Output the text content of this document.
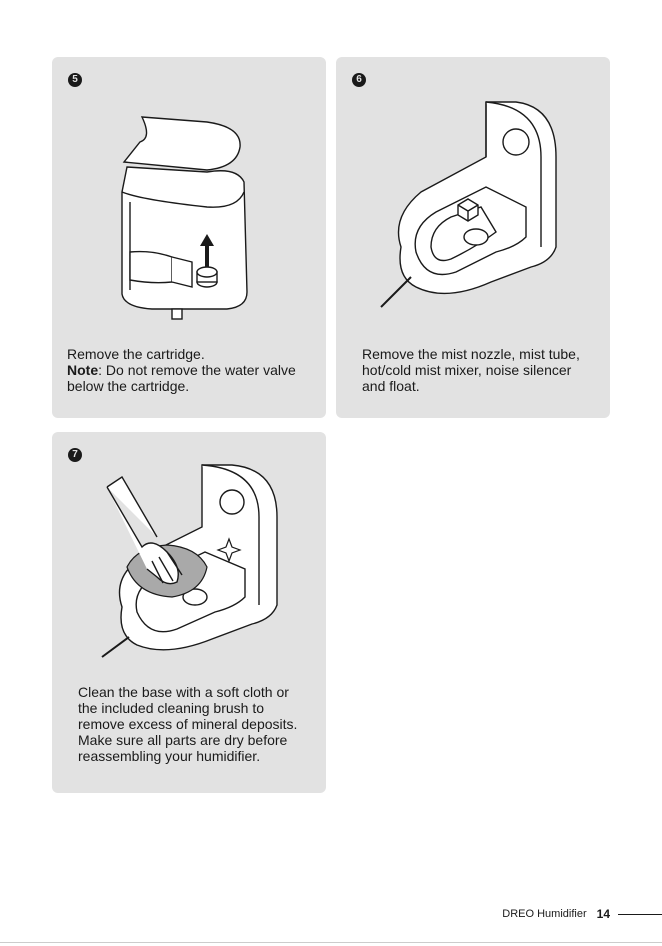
5

Remove the cartridge.

Note: Do not remove the water valve below the cartridge.

6

Remove the mist nozzle, mist tube, hot/cold mist mixer, noise silencer and float.

7

Clean the base with a soft cloth or the included cleaning brush to remove excess of mineral deposits. Make sure all parts are dry before reassembling your humidifier.

DREO Humidifier 14
